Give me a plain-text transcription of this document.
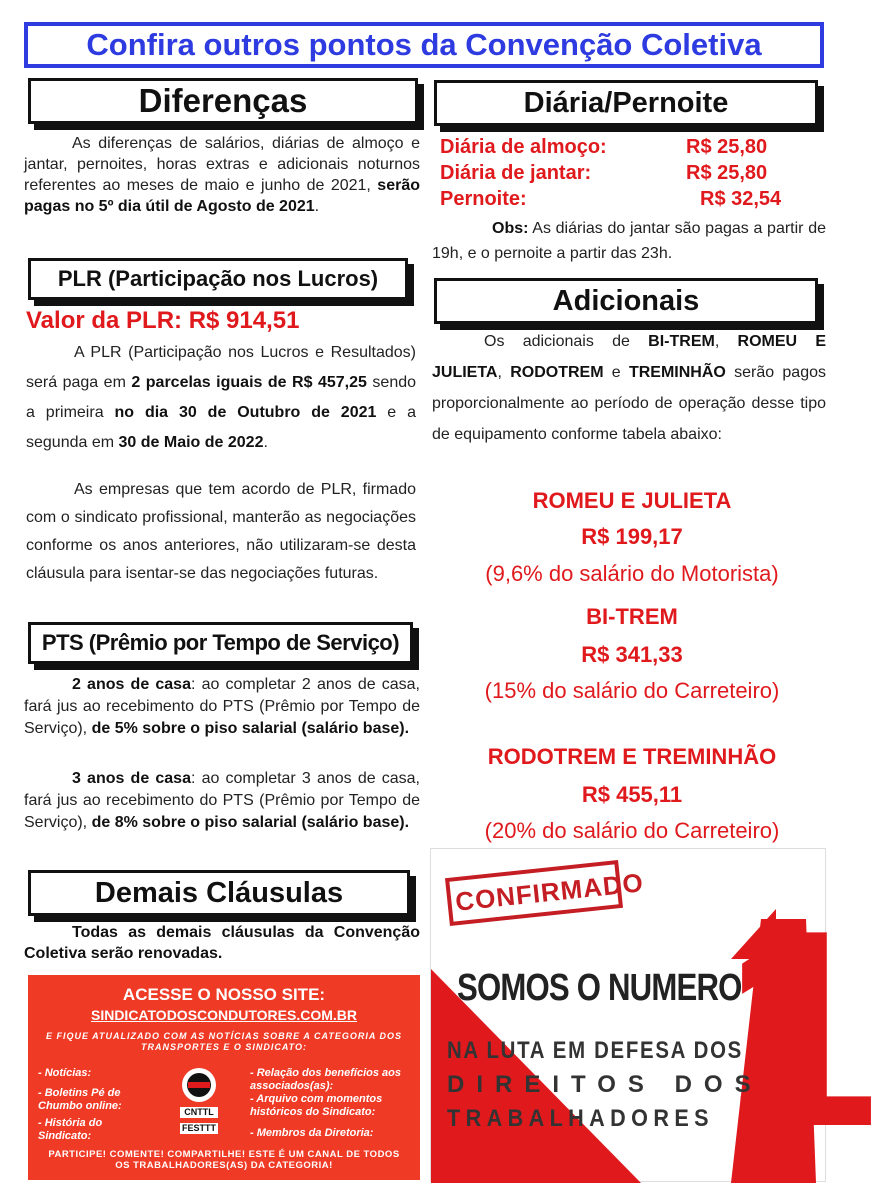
Confira outros pontos da Convenção Coletiva
Diferenças
As diferenças de salários, diárias de almoço e jantar, pernoites, horas extras e adicionais noturnos referentes ao meses de maio e junho de 2021, serão pagas no 5º dia útil de Agosto de 2021.
PLR (Participação nos Lucros)
Valor da PLR: R$ 914,51
A PLR (Participação nos Lucros e Resultados) será paga em 2 parcelas iguais de R$ 457,25 sendo a primeira no dia 30 de Outubro de 2021 e a segunda em 30 de Maio de 2022.
As empresas que tem acordo de PLR, firmado com o sindicato profissional, manterão as negociações conforme os anos anteriores, não utilizaram-se desta cláusula para isentar-se das negociações futuras.
PTS (Prêmio por Tempo de Serviço)
2 anos de casa: ao completar 2 anos de casa, fará jus ao recebimento do PTS (Prêmio por Tempo de Serviço), de 5% sobre o piso salarial (salário base).
3 anos de casa: ao completar 3 anos de casa, fará jus ao recebimento do PTS (Prêmio por Tempo de Serviço), de 8% sobre o piso salarial (salário base).
Demais Cláusulas
Todas as demais cláusulas da Convenção Coletiva serão renovadas.
ACESSE O NOSSO SITE:
SINDICATODOSCONDUTORES.COM.BR
E FIQUE ATUALIZADO COM AS NOTÍCIAS SOBRE A CATEGORIA DOS TRANSPORTES E O SINDICATO:
- Notícias:
- Boletins Pé de Chumbo online:
- História do Sindicato:
CNTTL
FESTTT
- Relação dos benefícios aos associados(as):
- Arquivo com momentos históricos do Sindicato:
- Membros da Diretoria:
PARTICIPE! COMENTE! COMPARTILHE! ESTE É UM CANAL DE TODOS OS TRABALHADORES(AS) DA CATEGORIA!
Diária/Pernoite
Diária de almoço:	R$ 25,80
Diária de jantar:	R$ 25,80
Pernoite:	R$ 32,54
Obs: As diárias do jantar são pagas a partir de 19h, e o pernoite a partir das 23h.
Adicionais
Os adicionais de BI-TREM, ROMEU E JULIETA, RODOTREM e TREMINHÃO serão pagos proporcionalmente ao período de operação desse tipo de equipamento conforme tabela abaixo:
ROMEU E JULIETA
R$ 199,17
(9,6% do salário do Motorista)
BI-TREM
R$ 341,33
(15% do salário do Carreteiro)
RODOTREM E TREMINHÃO
R$ 455,11
(20% do salário do Carreteiro)
CONFIRMADO 1
SOMOS O NUMERO
NA LUTA EM DEFESA DOS
DIREITOS DOS
TRABALHADORES
